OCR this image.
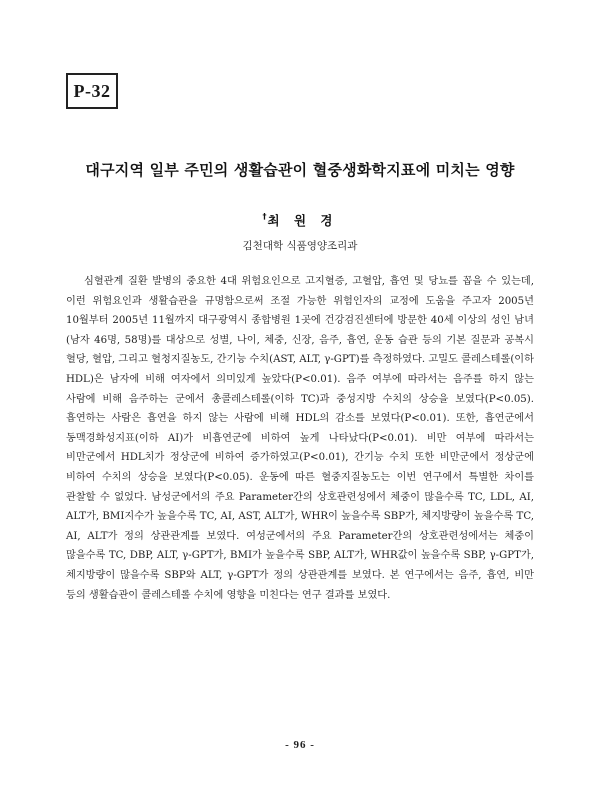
P-32
대구지역 일부 주민의 생활습관이 혈중생화학지표에 미치는 영향
†최 원 경
김천대학 식품영양조리과

심혈관계 질환 발병의 중요한 4대 위험요인으로 고지혈증, 고혈압, 흡연 및 당뇨를 꼽을 수 있는데, 이런 위험요인과 생활습관을 규명함으로써 조절 가능한 위험인자의 교정에 도움을 주고자 2005년 10월부터 2005년 11월까지 대구광역시 종합병원 1곳에 건강검진센터에 방문한 40세 이상의 성인 남녀(남자 46명, 58명)를 대상으로 성별, 나이, 체중, 신장, 음주, 흡연, 운동 습관 등의 기본 질문과 공복시 혈당, 혈압, 그리고 혈청지질농도, 간기능 수치(AST, ALT, γ-GPT)를 측정하였다. 고밀도 콜레스테롤(이하 HDL)은 남자에 비해 여자에서 의미있게 높았다(P<0.01). 음주 여부에 따라서는 음주를 하지 않는 사람에 비해 음주하는 군에서 총콜레스테롤(이하 TC)과 중성지방 수치의 상승을 보였다(P<0.05). 흡연하는 사람은 흡연을 하지 않는 사람에 비해 HDL의 감소를 보였다(P<0.01). 또한, 흡연군에서 동맥경화성지표(이하 AI)가 비흡연군에 비하여 높게 나타났다(P<0.01). 비만 여부에 따라서는 비만군에서 HDL치가 정상군에 비하여 증가하였고(P<0.01), 간기능 수치 또한 비만군에서 정상군에 비하여 수치의 상승을 보였다(P<0.05). 운동에 따른 혈중지질농도는 이번 연구에서 특별한 차이를 관찰할 수 없었다. 남성군에서의 주요 Parameter간의 상호관련성에서 체중이 많을수록 TC, LDL, AI, ALT가, BMI지수가 높을수록 TC, AI, AST, ALT가, WHR이 높을수록 SBP가, 체지방량이 높을수록 TC, AI, ALT가 정의 상관관계를 보였다. 여성군에서의 주요 Parameter간의 상호관련성에서는 체중이 많을수록 TC, DBP, ALT, γ-GPT가, BMI가 높을수록 SBP, ALT가, WHR값이 높을수록 SBP, γ-GPT가, 체지방량이 많을수록 SBP와 ALT, γ-GPT가 정의 상관관계를 보였다. 본 연구에서는 음주, 흡연, 비만 등의 생활습관이 콜레스테롤 수치에 영향을 미친다는 연구 결과를 보였다.

- 96 -
